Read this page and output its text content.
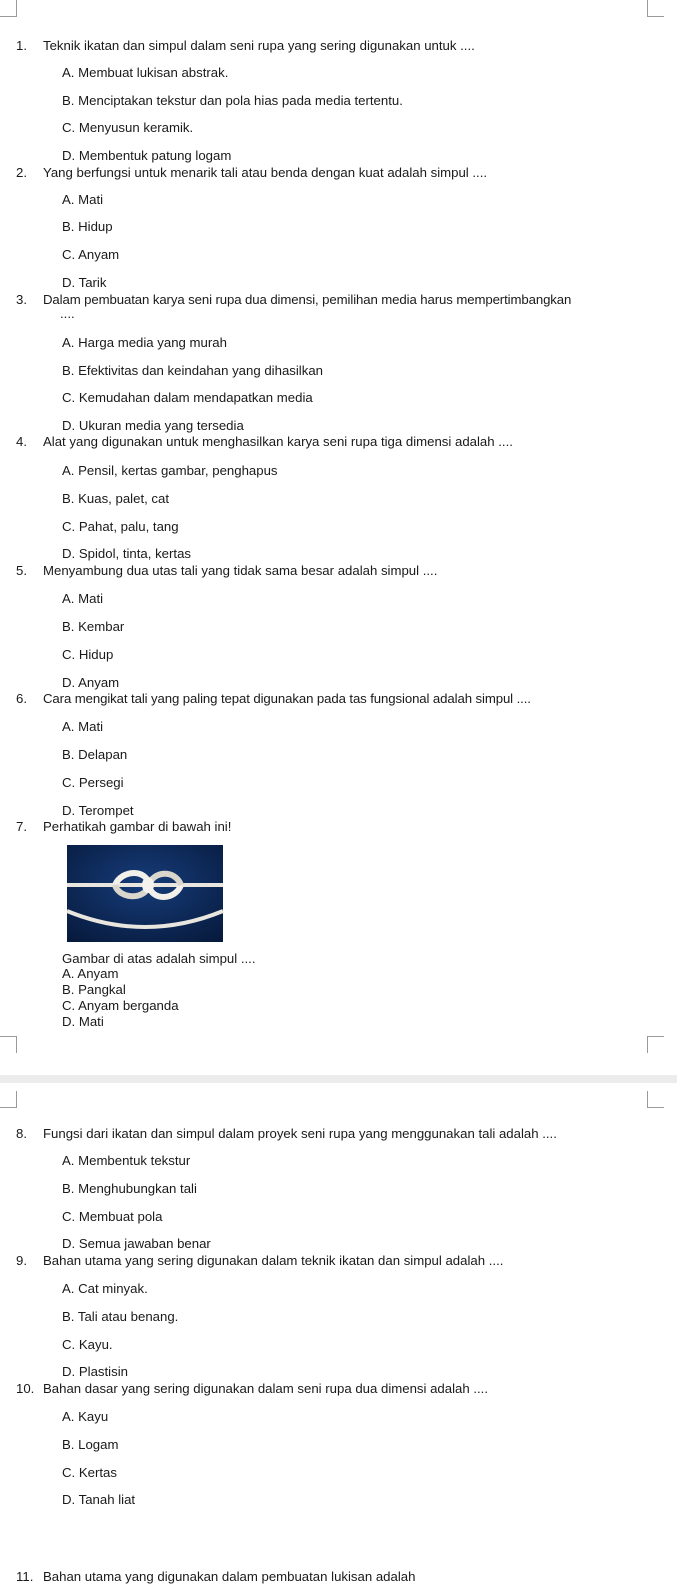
1. Teknik ikatan dan simpul dalam seni rupa yang sering digunakan untuk ....
A. Membuat lukisan abstrak.
B. Menciptakan tekstur dan pola hias pada media tertentu.
C. Menyusun keramik.
D. Membentuk patung logam
2. Yang berfungsi untuk menarik tali atau benda dengan kuat adalah simpul ....
A. Mati
B. Hidup
C. Anyam
D. Tarik
3. Dalam pembuatan karya seni rupa dua dimensi, pemilihan media harus mempertimbangkan
....
A. Harga media yang murah
B. Efektivitas dan keindahan yang dihasilkan
C. Kemudahan dalam mendapatkan media
D. Ukuran media yang tersedia
4. Alat yang digunakan untuk menghasilkan karya seni rupa tiga dimensi adalah ....
A. Pensil, kertas gambar, penghapus
B. Kuas, palet, cat
C. Pahat, palu, tang
D. Spidol, tinta, kertas
5. Menyambung dua utas tali yang tidak sama besar adalah simpul ....
A. Mati
B. Kembar
C. Hidup
D. Anyam
6. Cara mengikat tali yang paling tepat digunakan pada tas fungsional adalah simpul ....
A. Mati
B. Delapan
C. Persegi
D. Terompet
7. Perhatikah gambar di bawah ini!
Gambar di atas adalah simpul ....
A. Anyam
B. Pangkal
C. Anyam berganda
D. Mati
8. Fungsi dari ikatan dan simpul dalam proyek seni rupa yang menggunakan tali adalah ....
A. Membentuk tekstur
B. Menghubungkan tali
C. Membuat pola
D. Semua jawaban benar
9. Bahan utama yang sering digunakan dalam teknik ikatan dan simpul adalah ....
A. Cat minyak.
B. Tali atau benang.
C. Kayu.
D. Plastisin
10. Bahan dasar yang sering digunakan dalam seni rupa dua dimensi adalah ....
A. Kayu
B. Logam
C. Kertas
D. Tanah liat
11. Bahan utama yang digunakan dalam pembuatan lukisan adalah
